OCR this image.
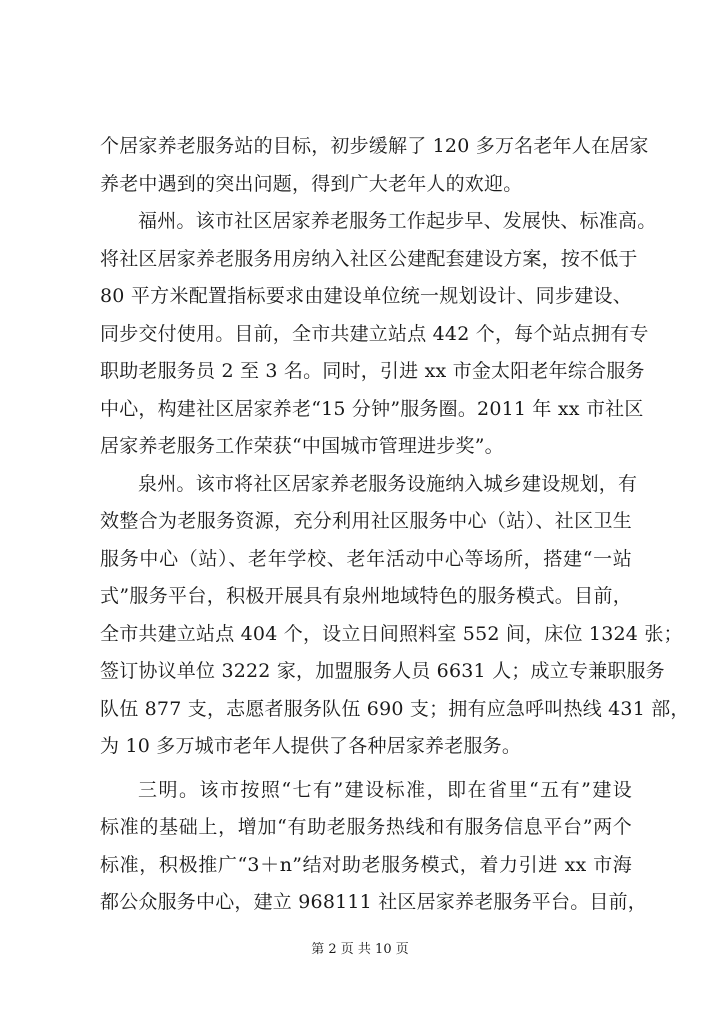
个居家养老服务站的目标，初步缓解了 120 多万名老年人在居家
养老中遇到的突出问题，得到广大老年人的欢迎。
福州。该市社区居家养老服务工作起步早、发展快、标准高。
将社区居家养老服务用房纳入社区公建配套建设方案，按不低于
80 平方米配置指标要求由建设单位统一规划设计、同步建设、
同步交付使用。目前，全市共建立站点 442 个，每个站点拥有专
职助老服务员 2 至 3 名。同时，引进 xx 市金太阳老年综合服务
中心，构建社区居家养老“15 分钟”服务圈。2011 年 xx 市社区
居家养老服务工作荣获“中国城市管理进步奖”。
泉州。该市将社区居家养老服务设施纳入城乡建设规划，有
效整合为老服务资源，充分利用社区服务中心（站）、社区卫生
服务中心（站）、老年学校、老年活动中心等场所，搭建“一站
式”服务平台，积极开展具有泉州地域特色的服务模式。目前，
全市共建立站点 404 个，设立日间照料室 552 间，床位 1324 张；
签订协议单位 3222 家，加盟服务人员 6631 人；成立专兼职服务
队伍 877 支，志愿者服务队伍 690 支；拥有应急呼叫热线 431 部，
为 10 多万城市老年人提供了各种居家养老服务。
三明。该市按照“七有”建设标准，即在省里“五有”建设
标准的基础上，增加“有助老服务热线和有服务信息平台”两个
标准，积极推广“3＋n”结对助老服务模式，着力引进 xx 市海
都公众服务中心，建立 968111 社区居家养老服务平台。目前，
第 2 页 共 10 页
